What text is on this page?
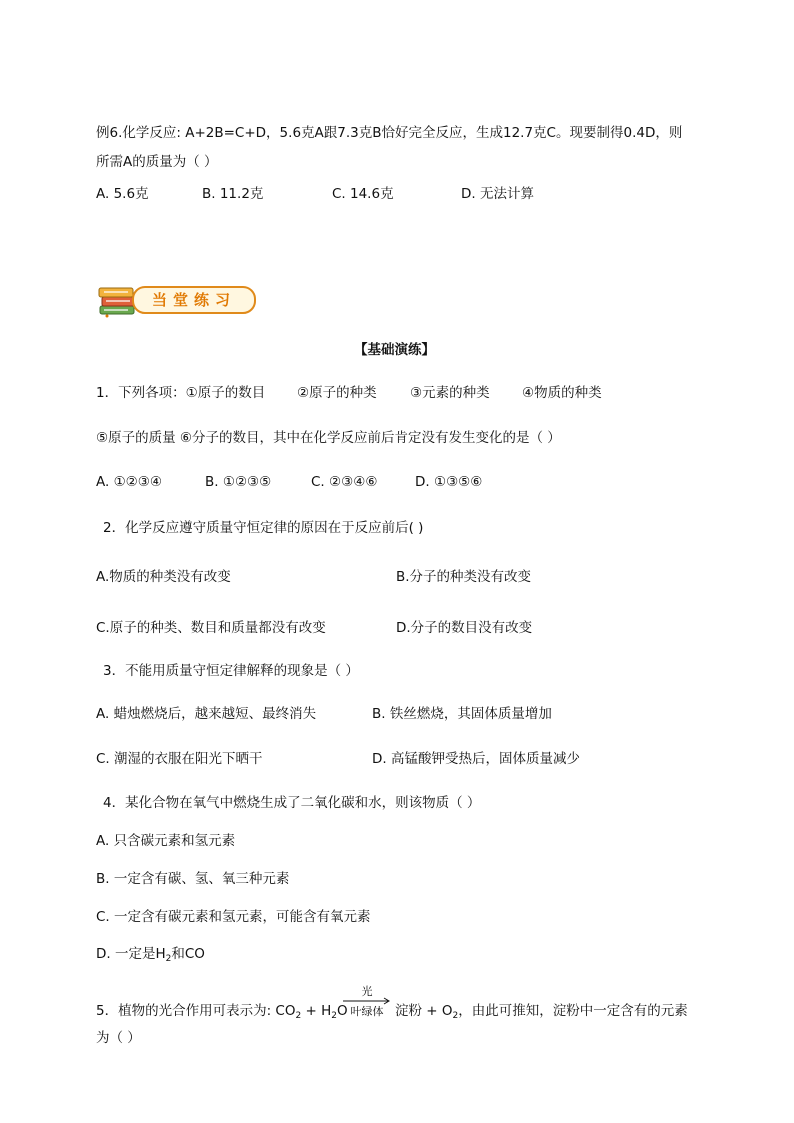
例6.化学反应: A+2B=C+D，5.6克A跟7.3克B恰好完全反应，生成12.7克C。现要制得0.4D，则
所需A的质量为（ ）
A. 5.6克	B. 11.2克	C. 14.6克	D. 无法计算
当堂练习
【基础演练】
1．下列各项：①原子的数目 ②原子的种类 ③元素的种类 ④物质的种类
⑤原子的质量 ⑥分子的数目，其中在化学反应前后肯定没有发生变化的是（ ）
A. ①②③④	B. ①②③⑤	C. ②③④⑥	D. ①③⑤⑥
2．化学反应遵守质量守恒定律的原因在于反应前后( )
A.物质的种类没有改变	B.分子的种类没有改变
C.原子的种类、数目和质量都没有改变	D.分子的数目没有改变
3．不能用质量守恒定律解释的现象是（ ）
A. 蜡烛燃烧后，越来越短、最终消失	B. 铁丝燃烧，其固体质量增加
C. 潮湿的衣服在阳光下晒干	D. 高锰酸钾受热后，固体质量减少
4．某化合物在氧气中燃烧生成了二氧化碳和水，则该物质（ ）
A. 只含碳元素和氢元素
B. 一定含有碳、氢、氧三种元素
C. 一定含有碳元素和氢元素，可能含有氧元素
D. 一定是$H_2$和CO
5．植物的光合作用可表示为: $CO_2 + H_2O$
光
叶绿体 淀粉 + $O_2$，由此可推知，淀粉中一定含有的元素
为（ ）
